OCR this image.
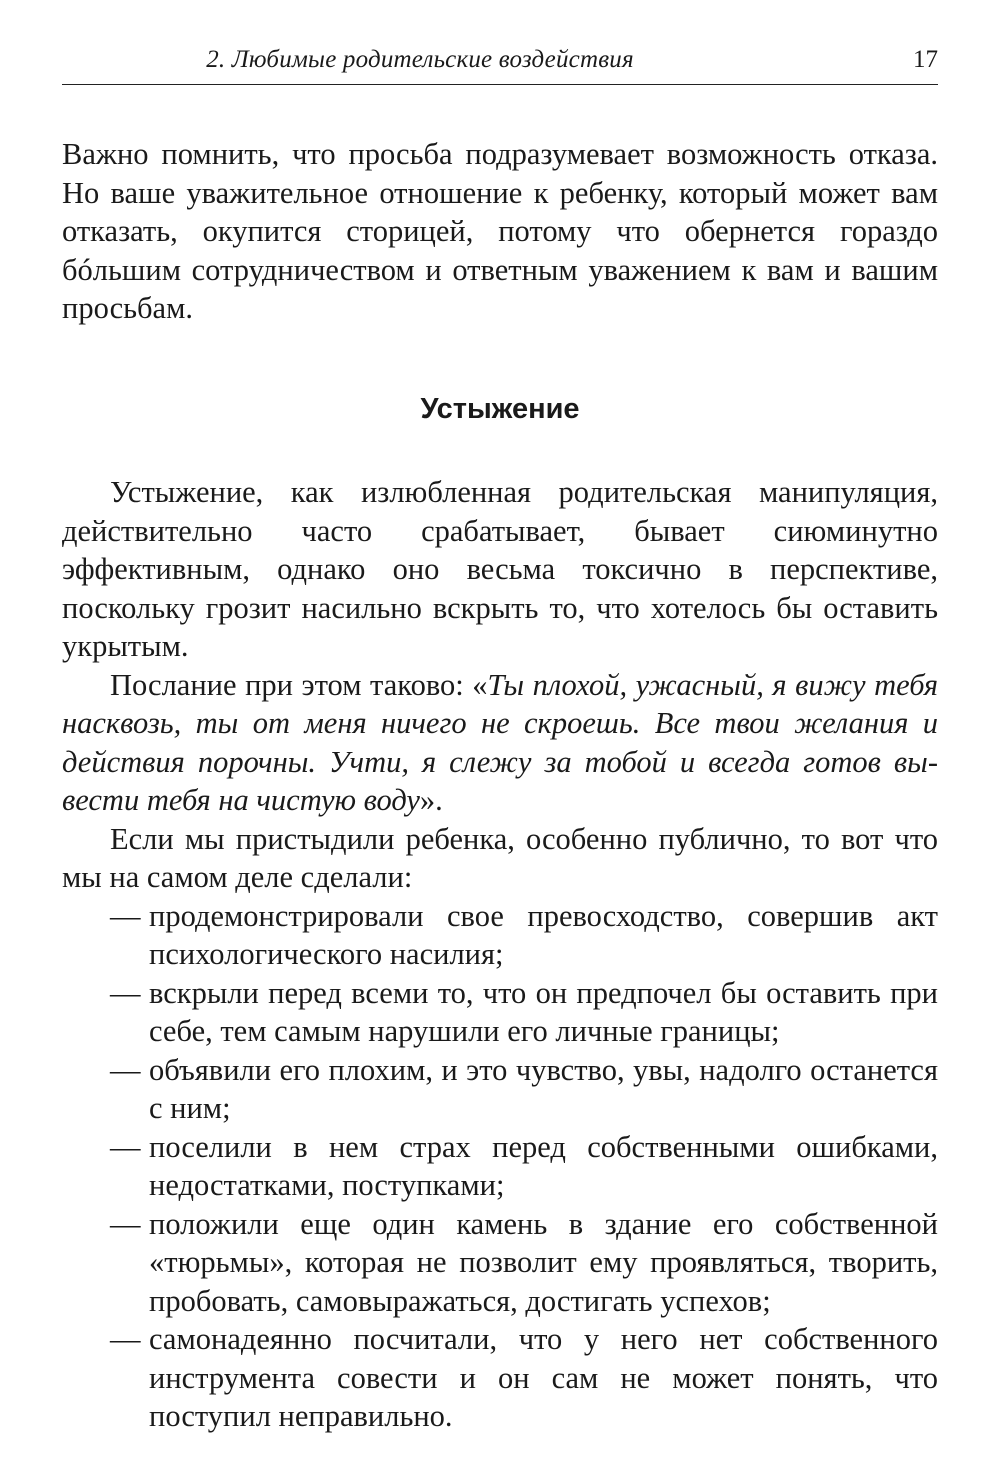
2. Любимые родительские воздействия	17

Важно помнить, что просьба подразумевает возможность отказа. Но ваше уважительное отношение к ребенку, который может вам отказать, окупится сторицей, потому что обернется гораздо бóльшим сотрудничеством и ответным уважением к вам и вашим просьбам.

Устыжение

Устыжение, как излюбленная родительская манипуляция, действительно часто срабатывает, бывает сиюминутно эффективным, однако оно весьма токсично в перспективе, поскольку грозит насильно вскрыть то, что хотелось бы оставить укрытым.

Послание при этом таково: «Ты плохой, ужасный, я вижу тебя насквозь, ты от меня ничего не скроешь. Все твои желания и действия порочны. Учти, я слежу за тобой и всегда готов вывести тебя на чистую воду».

Если мы пристыдили ребенка, особенно публично, то вот что мы на самом деле сделали:

— продемонстрировали свое превосходство, совершив акт психологического насилия;
— вскрыли перед всеми то, что он предпочел бы оставить при себе, тем самым нарушили его личные границы;
— объявили его плохим, и это чувство, увы, надолго останется с ним;
— поселили в нем страх перед собственными ошибками, недостатками, поступками;
— положили еще один камень в здание его собственной «тюрьмы», которая не позволит ему проявляться, творить, пробовать, самовыражаться, достигать успехов;
— самонадеянно посчитали, что у него нет собственного инструмента совести и он сам не может понять, что поступил неправильно.
